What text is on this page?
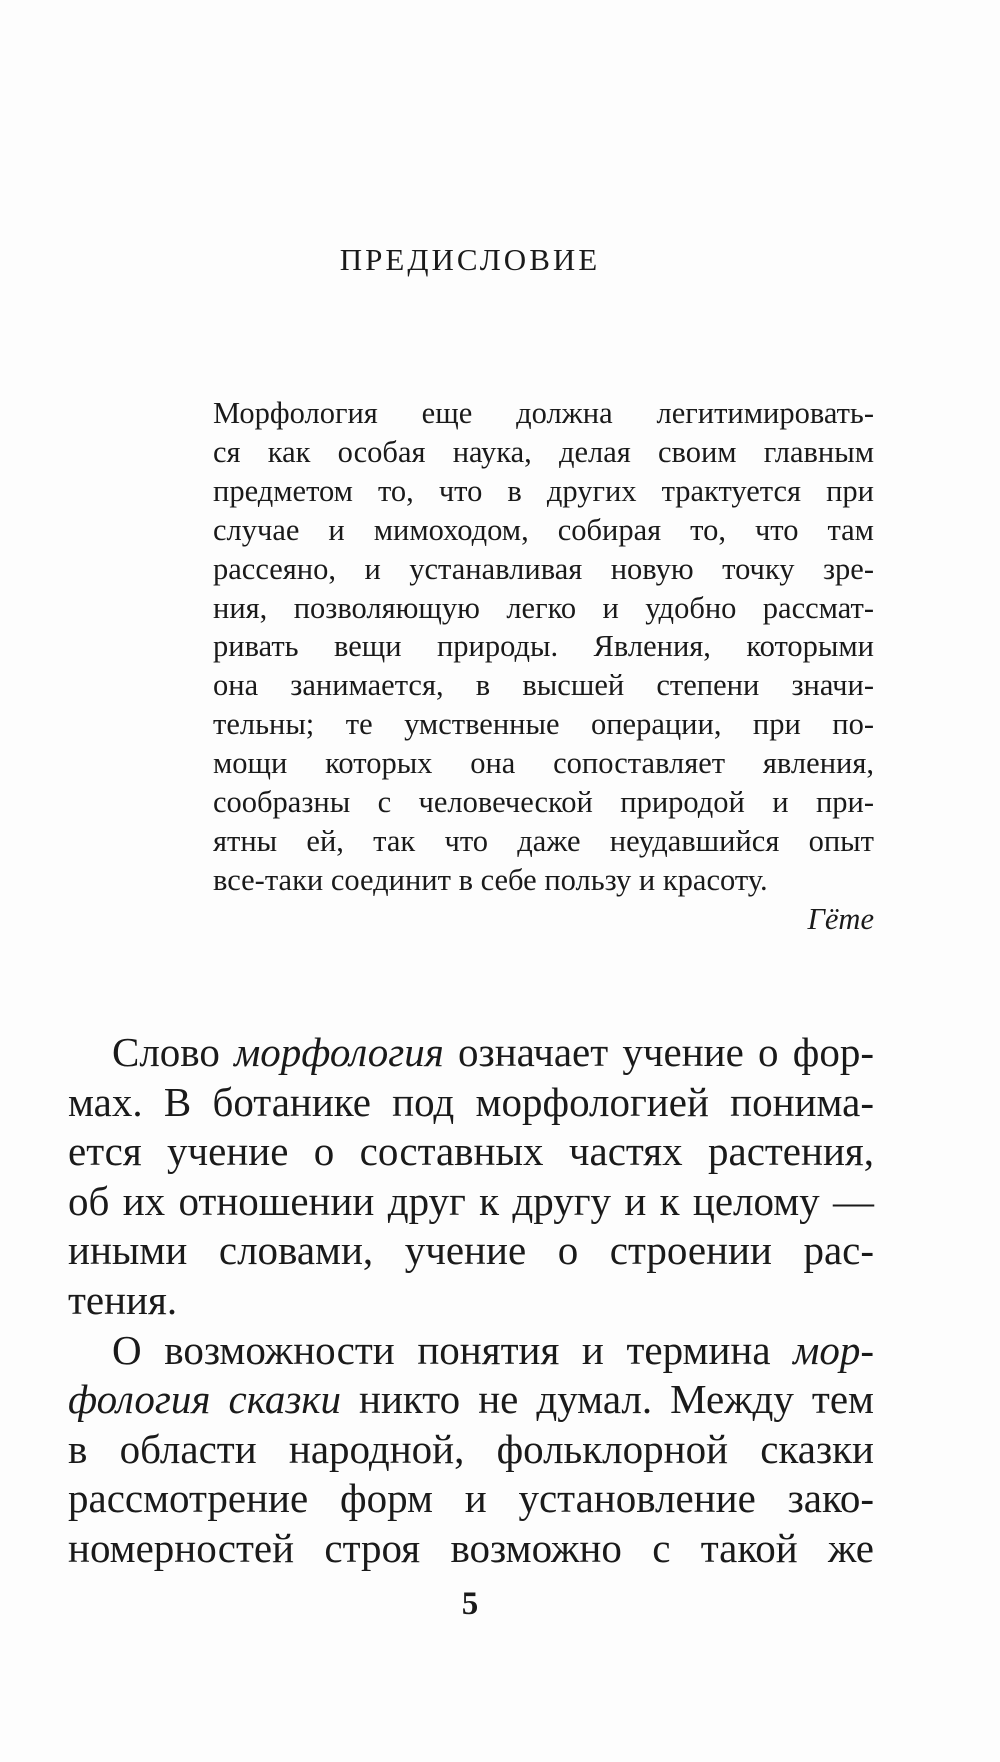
ПРЕДИСЛОВИЕ
Морфология еще должна легитимировать-
ся как особая наука, делая своим главным
предметом то, что в других трактуется при
случае и мимоходом, собирая то, что там
рассеяно, и устанавливая новую точку зре-
ния, позволяющую легко и удобно рассмат-
ривать вещи природы. Явления, которыми
она занимается, в высшей степени значи-
тельны; те умственные операции, при по-
мощи которых она сопоставляет явления,
сообразны с человеческой природой и при-
ятны ей, так что даже неудавшийся опыт
все-таки соединит в себе пользу и красоту.
Гёте
Слово морфология означает учение о фор-
мах. В ботанике под морфологией понима-
ется учение о составных частях растения,
об их отношении друг к другу и к целому —
иными словами, учение о строении рас-
тения.
О возможности понятия и термина мор-
фология сказки никто не думал. Между тем
в области народной, фольклорной сказки
рассмотрение форм и установление зако-
номерностей строя возможно с такой же
5
